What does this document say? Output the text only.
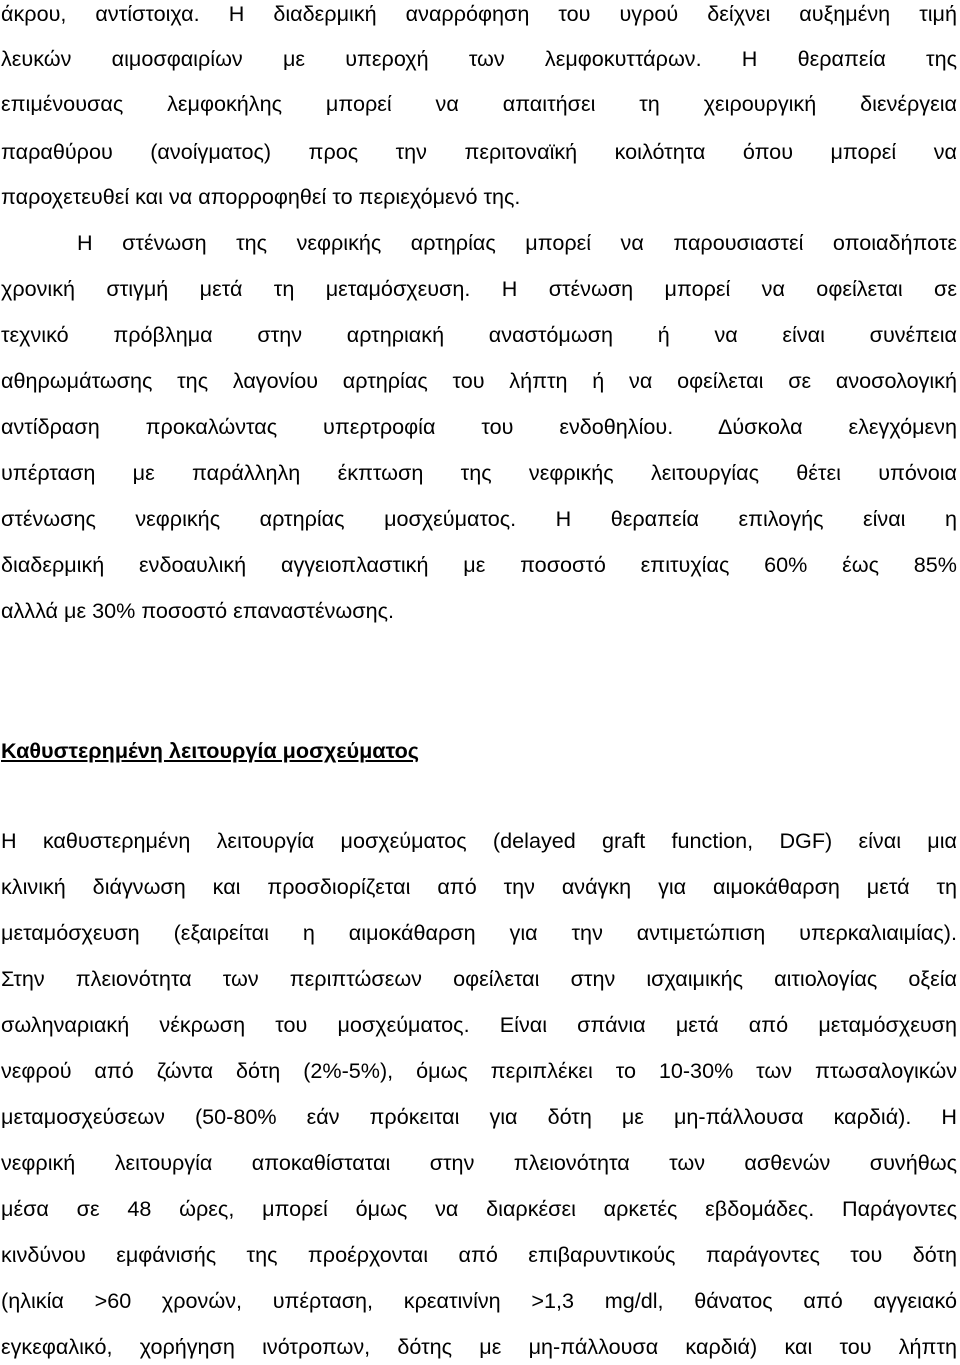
άκρου, αντίστοιχα. Η διαδερμική αναρρόφηση του υγρού δείχνει αυξημένη τιμή
λευκών αιμοσφαιρίων με υπεροχή των λεμφοκυττάρων. Η θεραπεία της
επιμένουσας λεμφοκήλης μπορεί να απαιτήσει τη χειρουργική διενέργεια
παραθύρου (ανοίγματος) προς την περιτοναϊκή κοιλότητα όπου μπορεί να
παροχετευθεί και να απορροφηθεί το περιεχόμενό της.
Η στένωση της νεφρικής αρτηρίας μπορεί να παρουσιαστεί οποιαδήποτε
χρονική στιγμή μετά τη μεταμόσχευση. Η στένωση μπορεί να οφείλεται σε
τεχνικό πρόβλημα στην αρτηριακή αναστόμωση ή να είναι συνέπεια
αθηρωμάτωσης της λαγονίου αρτηρίας του λήπτη ή να οφείλεται σε ανοσολογική
αντίδραση προκαλώντας υπερτροφία του ενδοθηλίου. Δύσκολα ελεγχόμενη
υπέρταση με παράλληλη έκπτωση της νεφρικής λειτουργίας θέτει υπόνοια
στένωσης νεφρικής αρτηρίας μοσχεύματος. Η θεραπεία επιλογής είναι η
διαδερμική ενδοαυλική αγγειοπλαστική με ποσοστό επιτυχίας 60% έως 85%
αλλλά με 30% ποσοστό επαναστένωσης.
Καθυστερημένη λειτουργία μοσχεύματος
Η καθυστερημένη λειτουργία μοσχεύματος (delayed graft function, DGF) είναι μια
κλινική διάγνωση και προσδιορίζεται από την ανάγκη για αιμοκάθαρση μετά τη
μεταμόσχευση (εξαιρείται η αιμοκάθαρση για την αντιμετώπιση υπερκαλιαιμίας).
Στην πλειονότητα των περιπτώσεων οφείλεται στην ισχαιμικής αιτιολογίας οξεία
σωληναριακή νέκρωση του μοσχεύματος. Είναι σπάνια μετά από μεταμόσχευση
νεφρού από ζώντα δότη (2%-5%), όμως περιπλέκει το 10-30% των πτωσαλογικών
μεταμοσχεύσεων (50-80% εάν πρόκειται για δότη με μη-πάλλουσα καρδιά). Η
νεφρική λειτουργία αποκαθίσταται στην πλειονότητα των ασθενών συνήθως
μέσα σε 48 ώρες, μπορεί όμως να διαρκέσει αρκετές εβδομάδες. Παράγοντες
κινδύνου εμφάνισής της προέρχονται από επιβαρυντικούς παράγοντες του δότη
(ηλικία >60 χρονών, υπέρταση, κρεατινίνη >1,3 mg/dl, θάνατος από αγγειακό
εγκεφαλικό, χορήγηση ινότροπων, δότης με μη-πάλλουσα καρδιά) και του λήπτη
